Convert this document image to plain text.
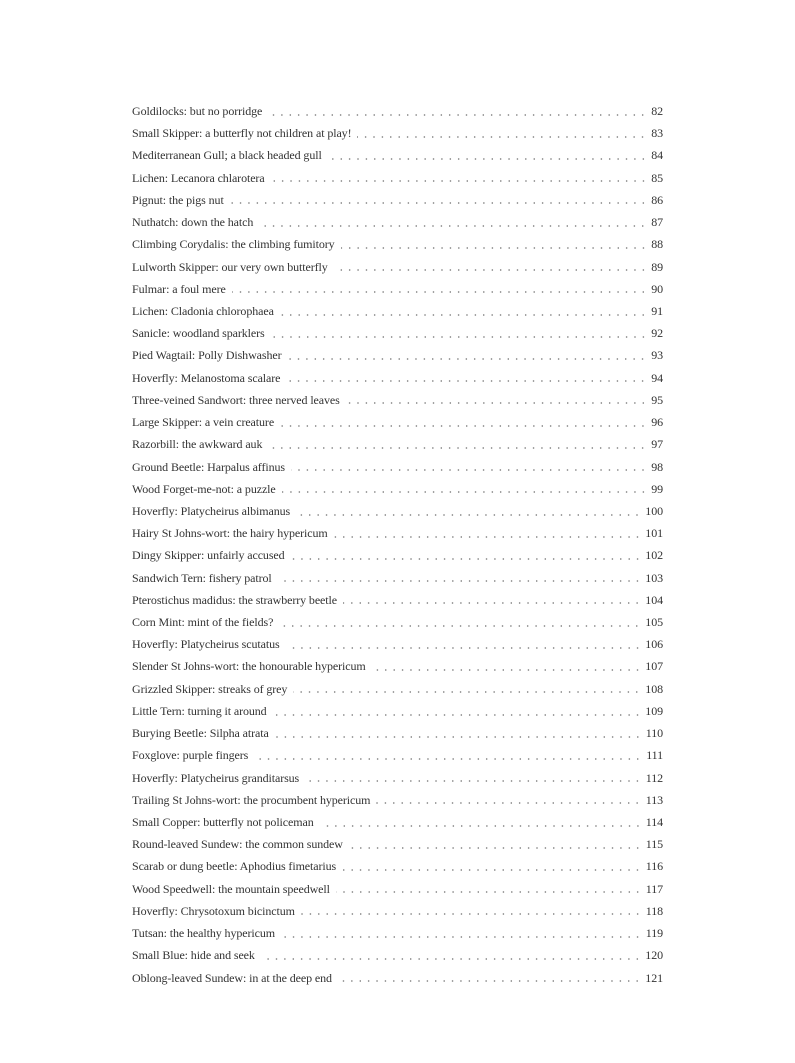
Goldilocks: but no porridge	82
Small Skipper: a butterfly not children at play!	83
Mediterranean Gull; a black headed gull	84
Lichen: Lecanora chlarotera	85
Pignut: the pigs nut	86
Nuthatch: down the hatch	87
Climbing Corydalis: the climbing fumitory	88
Lulworth Skipper: our very own butterfly	89
Fulmar: a foul mere	90
Lichen: Cladonia chlorophaea	91
Sanicle: woodland sparklers	92
Pied Wagtail: Polly Dishwasher	93
Hoverfly: Melanostoma scalare	94
Three-veined Sandwort: three nerved leaves	95
Large Skipper: a vein creature	96
Razorbill: the awkward auk	97
Ground Beetle: Harpalus affinus	98
Wood Forget-me-not: a puzzle	99
Hoverfly: Platycheirus albimanus	100
Hairy St Johns-wort: the hairy hypericum	101
Dingy Skipper: unfairly accused	102
Sandwich Tern: fishery patrol	103
Pterostichus madidus: the strawberry beetle	104
Corn Mint: mint of the fields?	105
Hoverfly: Platycheirus scutatus	106
Slender St Johns-wort: the honourable hypericum	107
Grizzled Skipper: streaks of grey	108
Little Tern: turning it around	109
Burying Beetle: Silpha atrata	110
Foxglove: purple fingers	111
Hoverfly: Platycheirus granditarsus	112
Trailing St Johns-wort: the procumbent hypericum	113
Small Copper: butterfly not policeman	114
Round-leaved Sundew: the common sundew	115
Scarab or dung beetle: Aphodius fimetarius	116
Wood Speedwell: the mountain speedwell	117
Hoverfly: Chrysotoxum bicinctum	118
Tutsan: the healthy hypericum	119
Small Blue: hide and seek	120
Oblong-leaved Sundew: in at the deep end	121
